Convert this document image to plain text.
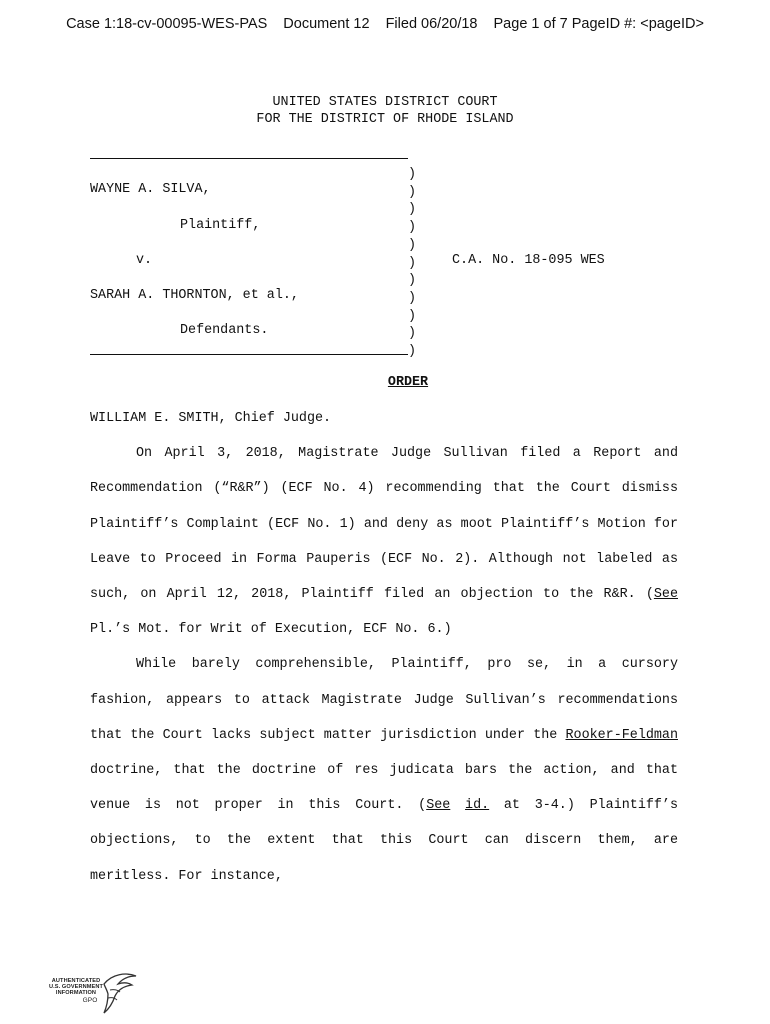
Case 1:18-cv-00095-WES-PAS Document 12 Filed 06/20/18 Page 1 of 7 PageID #: <pageID>
UNITED STATES DISTRICT COURT
FOR THE DISTRICT OF RHODE ISLAND
)
)
)
)
)
)
)
)
)
)
)
WAYNE A. SILVA,
Plaintiff,
v.	C.A. No. 18-095 WES
SARAH A. THORNTON, et al.,
Defendants.
ORDER

WILLIAM E. SMITH, Chief Judge.

On April 3, 2018, Magistrate Judge Sullivan filed a Report and Recommendation (“R&R”) (ECF No. 4) recommending that the Court dismiss Plaintiff’s Complaint (ECF No. 1) and deny as moot Plaintiff’s Motion for Leave to Proceed in Forma Pauperis (ECF No. 2). Although not labeled as such, on April 12, 2018, Plaintiff filed an objection to the R&R. (See Pl.’s Mot. for Writ of Execution, ECF No. 6.)

While barely comprehensible, Plaintiff, pro se, in a cursory fashion, appears to attack Magistrate Judge Sullivan’s recommendations that the Court lacks subject matter jurisdiction under the Rooker-Feldman doctrine, that the doctrine of res judicata bars the action, and that venue is not proper in this Court. (See id. at 3-4.) Plaintiff’s objections, to the extent that this Court can discern them, are meritless. For instance,

AUTHENTICATED
U.S. GOVERNMENT
INFORMATION
GPO
